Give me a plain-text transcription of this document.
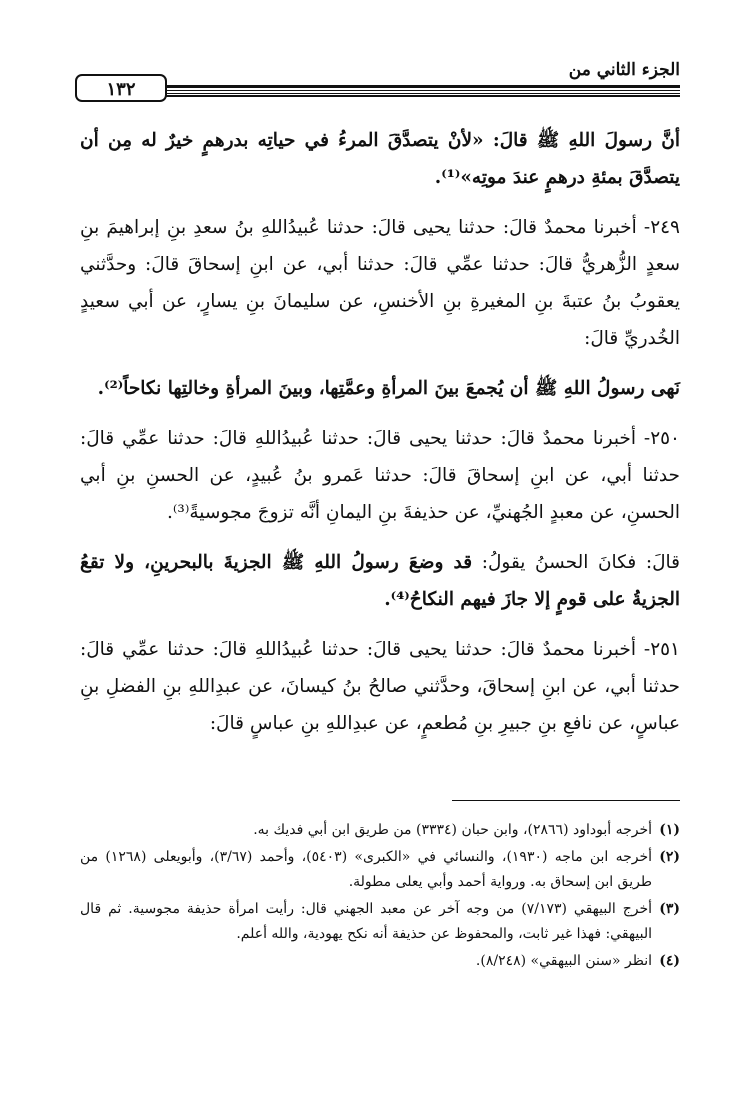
١٣٢
الجزء الثاني من

أنَّ رسولَ اللهِ ﷺ قالَ: «لأنْ يتصدَّقَ المرءُ في حياتِه بدرهمٍ خيرٌ له مِن أن يتصدَّقَ بمئةِ درهمٍ عندَ موتِه»⁽¹⁾.

٢٤٩- أخبرنا محمدٌ قالَ: حدثنا يحيى قالَ: حدثنا عُبيدُاللهِ بنُ سعدِ بنِ إبراهيمَ بنِ سعدٍ الزُّهريُّ قالَ: حدثنا عمِّي قالَ: حدثنا أبي، عن ابنِ إسحاقَ قالَ: وحدَّثني يعقوبُ بنُ عتبةَ بنِ المغيرةِ بنِ الأخنسِ، عن سليمانَ بنِ يسارٍ، عن أبي سعيدٍ الخُدريِّ قالَ:

نَهى رسولُ اللهِ ﷺ أن يُجمعَ بينَ المرأةِ وعمَّتِها، وبينَ المرأةِ وخالتِها نكاحاً⁽²⁾.

٢٥٠- أخبرنا محمدٌ قالَ: حدثنا يحيى قالَ: حدثنا عُبيدُاللهِ قالَ: حدثنا عمِّي قالَ: حدثنا أبي، عن ابنِ إسحاقَ قالَ: حدثنا عَمرو بنُ عُبيدٍ، عن الحسنِ بنِ أبي الحسنِ، عن معبدٍ الجُهنيِّ، عن حذيفةَ بنِ اليمانِ أنَّه تزوجَ مجوسيةً⁽³⁾.

قالَ: فكانَ الحسنُ يقولُ: قد وضعَ رسولُ اللهِ ﷺ الجزيةَ بالبحرينِ، ولا تقعُ الجزيةُ على قومٍ إلا جازَ فيهم النكاحُ⁽⁴⁾.

٢٥١- أخبرنا محمدٌ قالَ: حدثنا يحيى قالَ: حدثنا عُبيدُاللهِ قالَ: حدثنا عمِّي قالَ: حدثنا أبي، عن ابنِ إسحاقَ، وحدَّثني صالحُ بنُ كيسانَ، عن عبدِاللهِ بنِ الفضلِ بنِ عباسٍ، عن نافعِ بنِ جبيرِ بنِ مُطعمٍ، عن عبدِاللهِ بنِ عباسٍ قالَ:

(١)
أخرجه أبوداود (٢٨٦٦)، وابن حبان (٣٣٣٤) من طريق ابن أبي فديك به.

(٢)
أخرجه ابن ماجه (١٩٣٠)، والنسائي في «الكبرى» (٥٤٠٣)، وأحمد (٣/٦٧)، وأبويعلى (١٢٦٨) من طريق ابن إسحاق به. ورواية أحمد وأبي يعلى مطولة.

(٣)
أخرج البيهقي (٧/١٧٣) من وجه آخر عن معبد الجهني قال: رأيت امرأة حذيفة مجوسية. ثم قال البيهقي: فهذا غير ثابت، والمحفوظ عن حذيفة أنه نكح يهودية، والله أعلم.

(٤)
انظر «سنن البيهقي» (٨/٢٤٨).
